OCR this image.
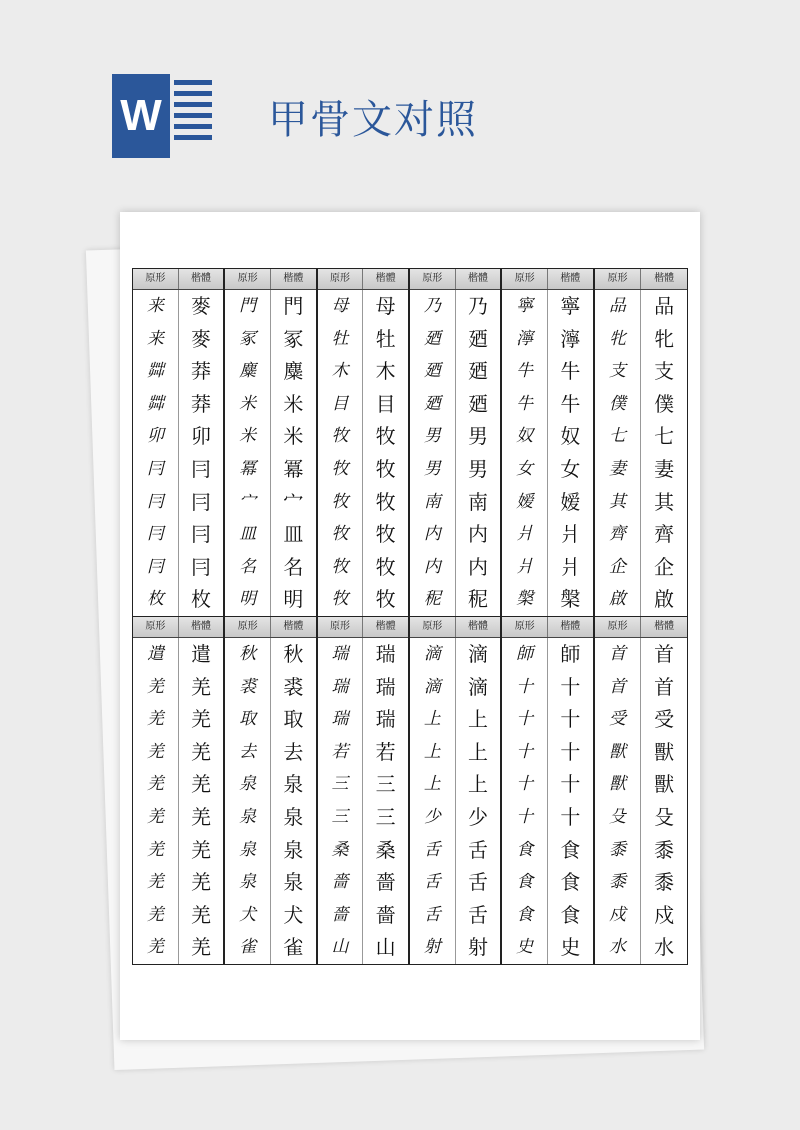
W	甲骨文对照
原形	楷體
来	麥
来	麥
茻	莽
茻	莽
卯	卯
冃	冃
冃	冃
冃	冃
冃	冃
枚	枚
原形	楷體
門	門
冢	冢
麋	麋
米	米
米	米
冪	冪
宀	宀
皿	皿
名	名
明	明
原形	楷體
母	母
牡	牡
木	木
目	目
牧	牧
牧	牧
牧	牧
牧	牧
牧	牧
牧	牧
原形	楷體
乃	乃
廼	廼
廼	廼
廼	廼
男	男
男	男
南	南
内	内
内	内
秜	秜
原形	楷體
寧	寧
濘	濘
牛	牛
牛	牛
奴	奴
女	女
嫒	嫒
爿	爿
爿	爿
槃	槃
原形	楷體
品	品
牝	牝
支	支
僕	僕
七	七
妻	妻
其	其
齊	齊
企	企
啟	啟
原形	楷體
遣	遣
羌	羌
羌	羌
羌	羌
羌	羌
羌	羌
羌	羌
羌	羌
羌	羌
羌	羌
原形	楷體
秋	秋
裘	裘
取	取
去	去
泉	泉
泉	泉
泉	泉
泉	泉
犬	犬
雀	雀
原形	楷體
瑞	瑞
瑞	瑞
瑞	瑞
若	若
三	三
三	三
桑	桑
嗇	嗇
嗇	嗇
山	山
原形	楷體
滴	滴
滴	滴
上	上
上	上
上	上
少	少
舌	舌
舌	舌
舌	舌
射	射
原形	楷體
師	師
十	十
十	十
十	十
十	十
十	十
食	食
食	食
食	食
史	史
原形	楷體
首	首
首	首
受	受
獸	獸
獸	獸
殳	殳
黍	黍
黍	黍
戍	戍
水	水
